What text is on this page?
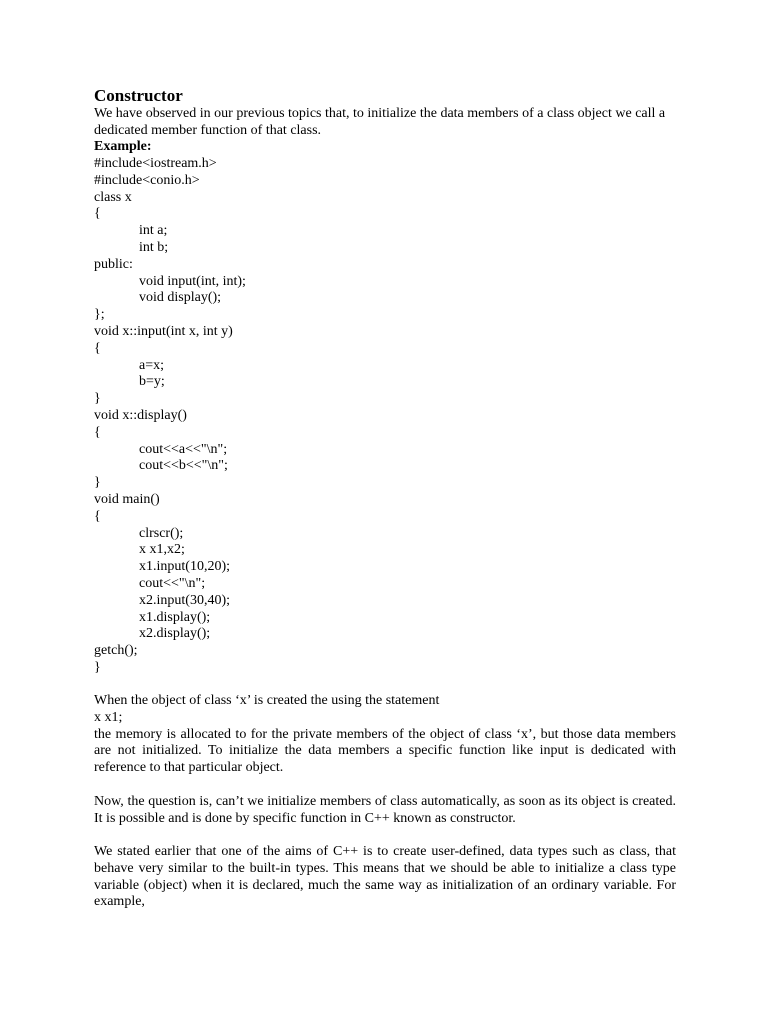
Constructor
We have observed in our previous topics that, to initialize the data members of a class object we call a dedicated member function of that class.
Example:
#include<iostream.h>
#include<conio.h>
class x
{
int a;
int b;
public:
void input(int, int);
void display();
};
void x::input(int x, int y)
{
a=x;
b=y;
}
void x::display()
{
cout<<a<<"\n";
cout<<b<<"\n";
}
void main()
{
clrscr();
x x1,x2;
x1.input(10,20);
cout<<"\n";
x2.input(30,40);
x1.display();
x2.display();
getch();
}
When the object of class ‘x’ is created the using the statement
x x1;
the memory is allocated to for the private members of the object of class ‘x’, but those data members are not initialized. To initialize the data members a specific function like input is dedicated with reference to that particular object.
Now, the question is, can’t we initialize members of class automatically, as soon as its object is created. It is possible and is done by specific function in C++ known as constructor.
We stated earlier that one of the aims of C++ is to create user-defined, data types such as class, that behave very similar to the built-in types. This means that we should be able to initialize a class type variable (object) when it is declared, much the same way as initialization of an ordinary variable. For example,
